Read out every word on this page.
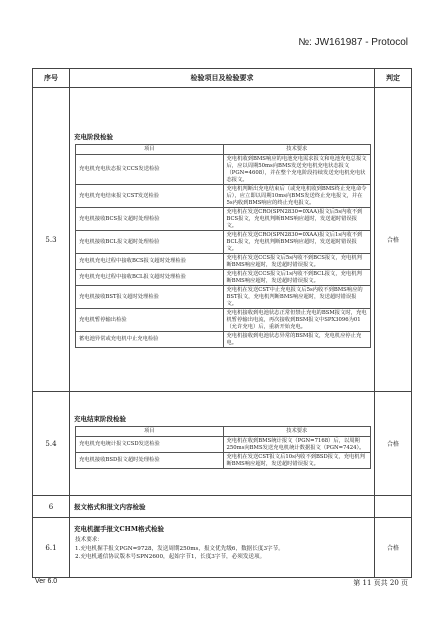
№: JW161987 - Protocol
序号	检验项目及检验要求	判定
5.3	
充电阶段检验
项目	技术要求
充电机充电状态报文CCS发送检验	充电机收到BMS响应的电池充电需求报文和电池充电总报文后，应以周期50ms向BMS发送充电机充电状态报文（PGN=4608），并在整个充电阶段持续发送充电机充电状态报文。
充电机充电结束报文CST发送检验	充电机判断出充电结束后（或充电机收到BMS终止充电命令后），应立即以周期10ms向BMS发送终止充电报文，并在5s内收到BMS响应的终止充电报文。
充电机接收BCS报文超时处理检验	充电机在发送CRO(SPN2830=0XAA)报文后5s内收不到BCS报文，充电机判断BMS响应超时，发送超时错误报文。
充电机接收BCL报文超时处理检验	充电机在发送CRO(SPN2830=0XAA)报文后1s内收不到BCL报文，充电机判断BMS响应超时，发送超时错误报文。
充电机充电过程中接收BCS报文超时处理检验	充电机在发送CCS报文后5s内收不到BCS报文，充电机判断BMS响应超时，发送超时错误报文。
充电机充电过程中接收BCL报文超时处理检验	充电机在发送CCS报文后1s内收不到BCL报文，充电机判断BMS响应超时，发送超时错误报文。
充电机接收BST报文超时处理检验	充电机在发送CST中止充电报文后5s内收不到BMS响应的BST报文，充电机判断BMS响应超时，发送超时错误报文。
充电机暂停输出检验	充电机接收到电池状态正常但禁止充电的BSM报文时，充电机暂停输出电流，再次接收到BSM报文中SPX3096为01（允许充电）后，重新开始充电。
蓄电池异常或充电机中止充电检验	充电机接收到电池状态异常的BSM报文，充电机应停止充电。
	合格
5.4	
充电结束阶段检验
项目	技术要求
充电机充电统计报文CSD发送检验	充电机在收到BMS统计报文（PGN=7168）后，以周期250ms向BMS发送充电机统计数据报文（PGN=7424）。
充电机接收BSD报文超时处理检验	充电机在发送CST报文后10s内收不到BSD报文，充电机判断BMS响应超时，发送超时错误报文。
	合格
6	报文格式和报文内容检验

6.1	
充电机握手报文CHM格式检验
技术要求：
1.充电机握手报文PGN=9728，发送周期250ms，报文优先级6，数据长度3字节。
2.充电机通信协议版本号SPN2600，起始字节1，长度3字节，必须发送项。
	合格
Ver 6.0	第 11 页共 20 页
